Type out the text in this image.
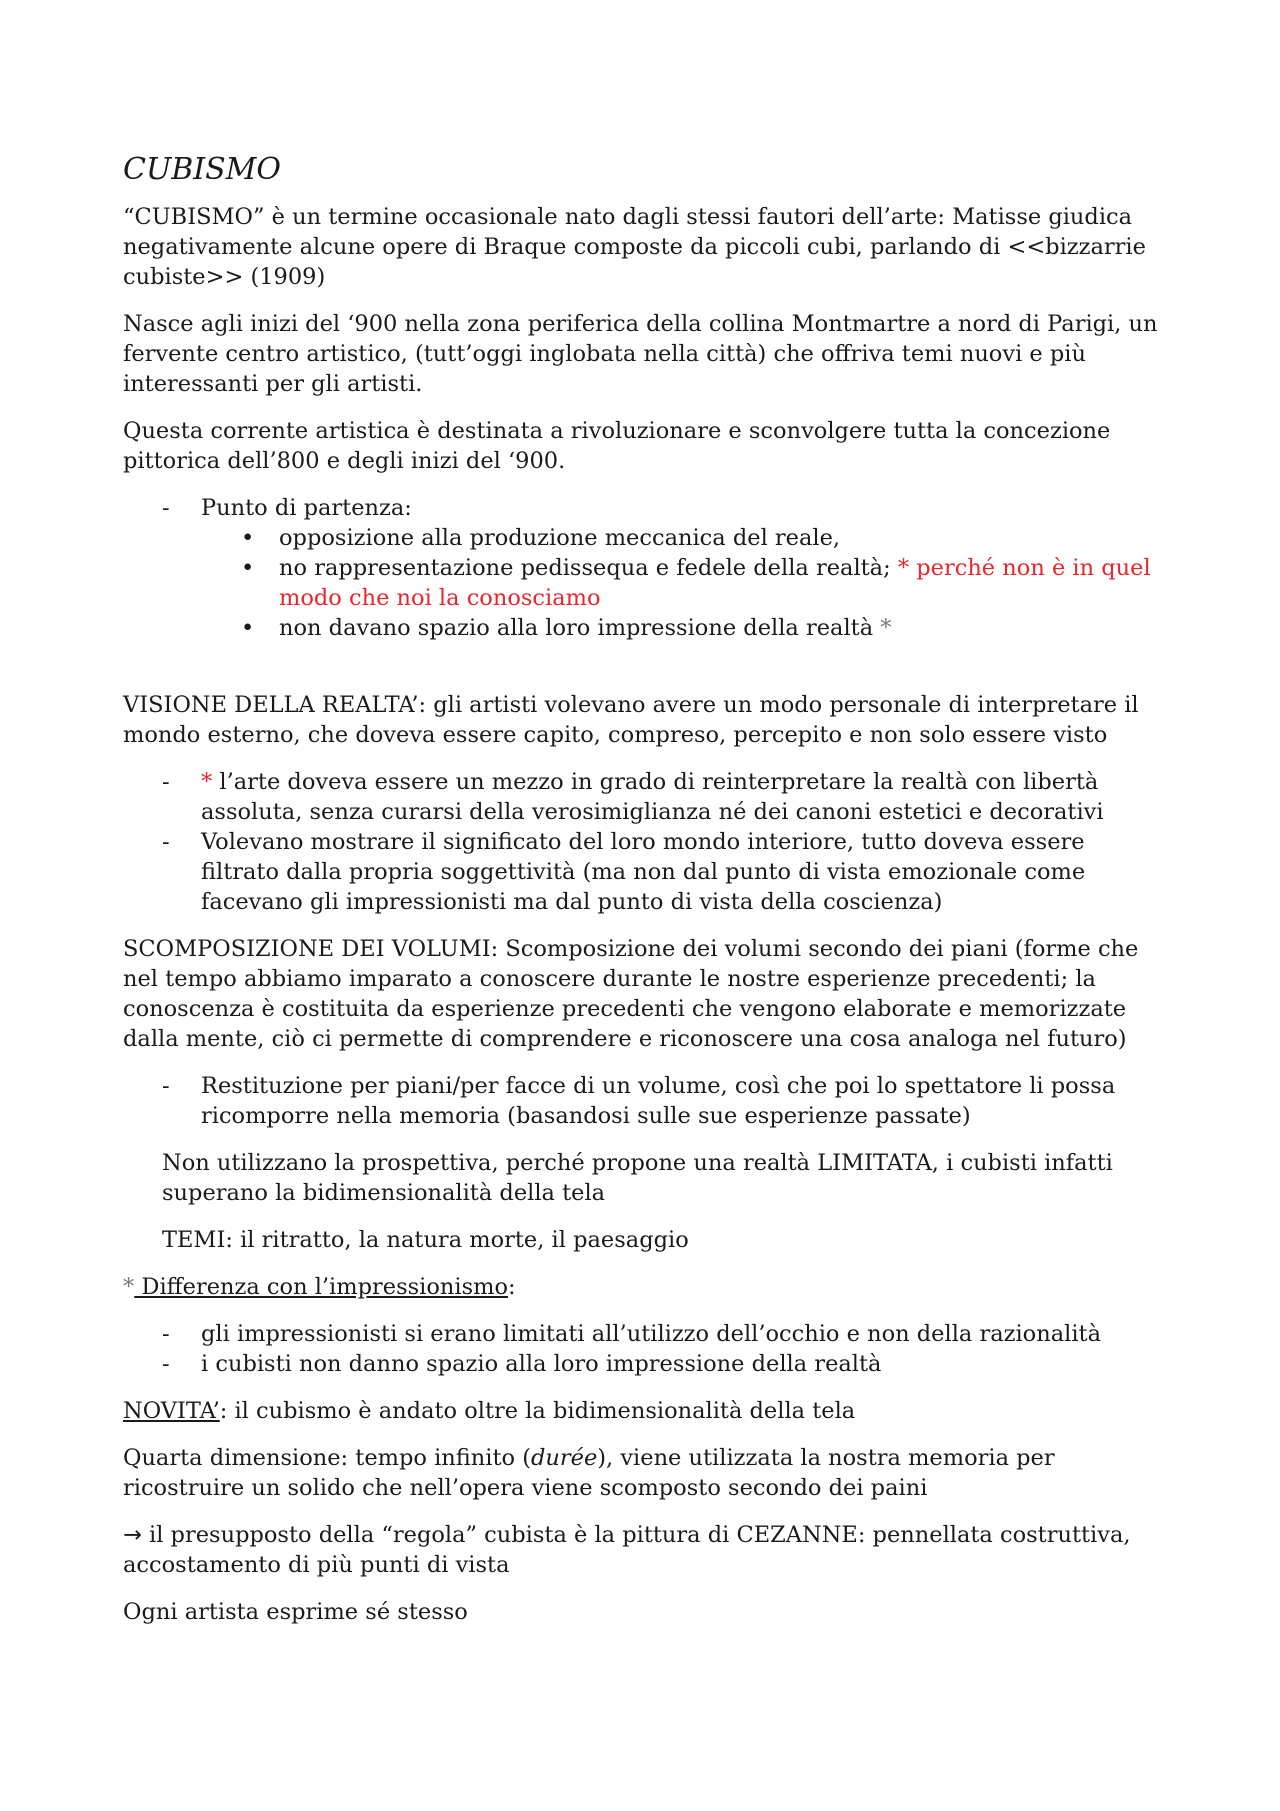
CUBISMO

“CUBISMO” è un termine occasionale nato dagli stessi fautori dell’arte: Matisse giudica negativamente alcune opere di Braque composte da piccoli cubi, parlando di <<bizzarrie cubiste>> (1909)

Nasce agli inizi del ‘900 nella zona periferica della collina Montmartre a nord di Parigi, un fervente centro artistico, (tutt’oggi inglobata nella città) che offriva temi nuovi e più interessanti per gli artisti.

Questa corrente artistica è destinata a rivoluzionare e sconvolgere tutta la concezione pittorica dell’800 e degli inizi del ‘900.

- Punto di partenza:
• opposizione alla produzione meccanica del reale,
• no rappresentazione pedissequa e fedele della realtà; * perché non è in quel modo che noi la conosciamo
• non davano spazio alla loro impressione della realtà *

VISIONE DELLA REALTA’: gli artisti volevano avere un modo personale di interpretare il mondo esterno, che doveva essere capito, compreso, percepito e non solo essere visto

- * l’arte doveva essere un mezzo in grado di reinterpretare la realtà con libertà assoluta, senza curarsi della verosimiglianza né dei canoni estetici e decorativi
- Volevano mostrare il significato del loro mondo interiore, tutto doveva essere filtrato dalla propria soggettività (ma non dal punto di vista emozionale come facevano gli impressionisti ma dal punto di vista della coscienza)

SCOMPOSIZIONE DEI VOLUMI: Scomposizione dei volumi secondo dei piani (forme che nel tempo abbiamo imparato a conoscere durante le nostre esperienze precedenti; la conoscenza è costituita da esperienze precedenti che vengono elaborate e memorizzate dalla mente, ciò ci permette di comprendere e riconoscere una cosa analoga nel futuro)

- Restituzione per piani/per facce di un volume, così che poi lo spettatore li possa ricomporre nella memoria (basandosi sulle sue esperienze passate)

Non utilizzano la prospettiva, perché propone una realtà LIMITATA, i cubisti infatti superano la bidimensionalità della tela

TEMI: il ritratto, la natura morte, il paesaggio

* Differenza con l’impressionismo:

- gli impressionisti si erano limitati all’utilizzo dell’occhio e non della razionalità
- i cubisti non danno spazio alla loro impressione della realtà

NOVITA’: il cubismo è andato oltre la bidimensionalità della tela

Quarta dimensione: tempo infinito (durée), viene utilizzata la nostra memoria per ricostruire un solido che nell’opera viene scomposto secondo dei paini

→ il presupposto della “regola” cubista è la pittura di CEZANNE: pennellata costruttiva, accostamento di più punti di vista

Ogni artista esprime sé stesso
